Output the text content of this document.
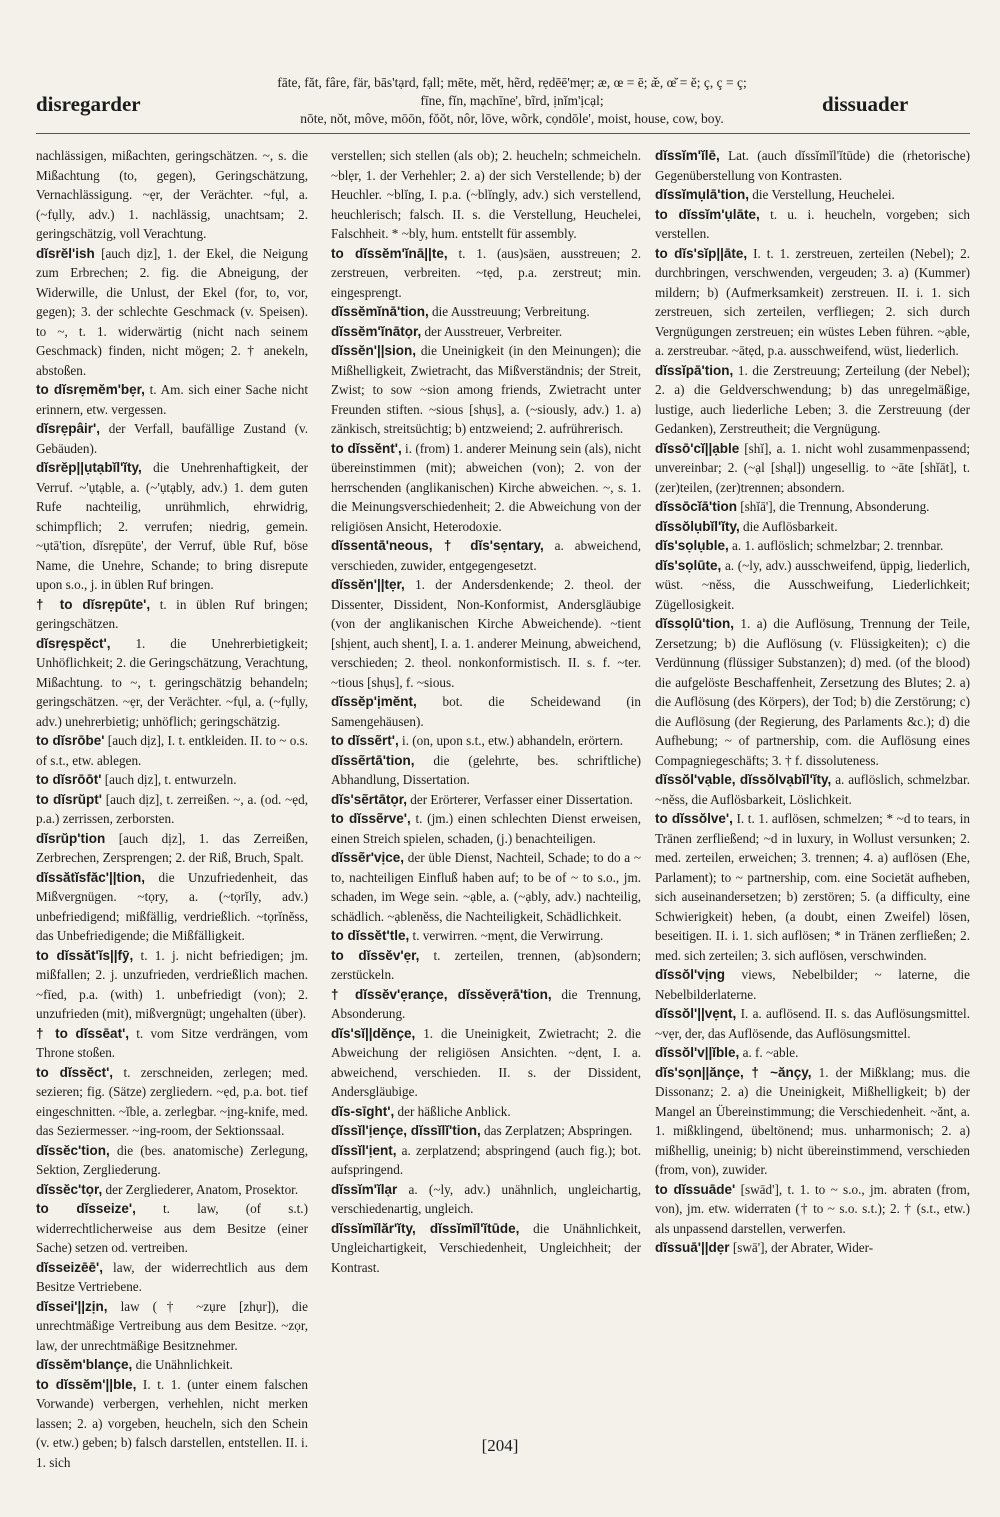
disregarder
fāte, făt, fâre, fär, bās'tạrd, fạll; mēte, mĕt, hẽrd, rẹdēē'mẹr; æ, œ = ē; æ̆, œ̆ = ĕ; ç, ç = ç;
fīne, fĭn, mạchīne', bĩrd, ịnĭm'ịcạl;
nōte, nŏt, môve, mōōn, fŏŏt, nôr, lōve, wõrk, cọndōle', moist, house, cow, boy.
dissuader

nachlässigen, mißachten, geringschätzen. ~, s. die Mißachtung (to, gegen), Geringschätzung, Vernachlässigung. ~ẹr, der Verächter. ~fụl, a. (~fụlly, adv.) 1. nachlässig, unachtsam; 2. geringschätzig, voll Verachtung.

dĭsrĕl'ish [auch dịz], 1. der Ekel, die Neigung zum Erbrechen; 2. fig. die Abneigung, der Widerwille, die Unlust, der Ekel (for, to, vor, gegen); 3. der schlechte Geschmack (v. Speisen). to ~, t. 1. widerwärtig (nicht nach seinem Geschmack) finden, nicht mögen; 2. † anekeln, abstoßen.

to dĭsrẹmĕm'bẹr, t. Am. sich einer Sache nicht erinnern, etw. vergessen.

dĭsrẹpâir', der Verfall, baufällige Zustand (v. Gebäuden).

dĭsrĕp||ụtạbĭl'ĭty, die Unehrenhaftigkeit, der Verruf. ~'ụtạble, a. (~'ụtạbly, adv.) 1. dem guten Rufe nachteilig, unrühmlich, ehrwidrig, schimpflich; 2. verrufen; niedrig, gemein. ~ụtā'tion, dĭsrẹpūte', der Verruf, üble Ruf, böse Name, die Unehre, Schande; to bring disrepute upon s.o., j. in üblen Ruf bringen.

† to dĭsrẹpūte', t. in üblen Ruf bringen; geringschätzen.

dĭsrẹspĕct', 1. die Unehrerbietigkeit; Unhöflichkeit; 2. die Geringschätzung, Verachtung, Mißachtung. to ~, t. geringschätzig behandeln; geringschätzen. ~ẹr, der Verächter. ~fụl, a. (~fụlly, adv.) unehrerbietig; unhöflich; geringschätzig.

to dĭsrōbe' [auch dịz], I. t. entkleiden. II. to ~ o.s. of s.t., etw. ablegen.

to dĭsrōōt' [auch dịz], t. entwurzeln.

to dĭsrŭpt' [auch dịz], t. zerreißen. ~, a. (od. ~ẹd, p.a.) zerrissen, zerborsten.

dĭsrŭp'tion [auch dịz], 1. das Zerreißen, Zerbrechen, Zersprengen; 2. der Riß, Bruch, Spalt.

dĭssătĭsfăc'||tion, die Unzufriedenheit, das Mißvergnügen. ~tọry, a. (~tọrĭly, adv.) unbefriedigend; mißfällig, verdrießlich. ~tọrĭnĕss, das Unbefriedigende; die Mißfälligkeit.

to dĭssăt'ĭs||fȳ, t. 1. j. nicht befriedigen; jm. mißfallen; 2. j. unzufrieden, verdrießlich machen. ~fīed, p.a. (with) 1. unbefriedigt (von); 2. unzufrieden (mit), mißvergnügt; ungehalten (über).

† to dĭssēat', t. vom Sitze verdrängen, vom Throne stoßen.

to dĭssĕct', t. zerschneiden, zerlegen; med. sezieren; fig. (Sätze) zergliedern. ~ẹd, p.a. bot. tief eingeschnitten. ~ĭble, a. zerlegbar. ~ịng-knife, med. das Seziermesser. ~ing-room, der Sektionssaal.

dĭssĕc'tion, die (bes. anatomische) Zerlegung, Sektion, Zergliederung.

dĭssĕc'tọr, der Zergliederer, Anatom, Prosektor.

to dĭsseize', t. law, (of s.t.) widerrechtlicherweise aus dem Besitze (einer Sache) setzen od. vertreiben.

dĭsseizēē', law, der widerrechtlich aus dem Besitze Vertriebene.

dĭssei'||zịn, law († ~zụre [zhụr]), die unrechtmäßige Vertreibung aus dem Besitze. ~zọr, law, der unrechtmäßige Besitznehmer.

dĭssĕm'blançe, die Unähnlichkeit.

to dĭssĕm'||ble, I. t. 1. (unter einem falschen Vorwande) verbergen, verhehlen, nicht merken lassen; 2. a) vorgeben, heucheln, sich den Schein (v. etw.) geben; b) falsch darstellen, entstellen. II. i. 1. sich

verstellen; sich stellen (als ob); 2. heucheln; schmeicheln. ~blẹr, 1. der Verhehler; 2. a) der sich Verstellende; b) der Heuchler. ~blĭng, I. p.a. (~blĭngly, adv.) sich verstellend, heuchlerisch; falsch. II. s. die Verstellung, Heuchelei, Falschheit. * ~bly, hum. entstellt für assembly.

to dĭssĕm'ĭnā||te, t. 1. (aus)säen, ausstreuen; 2. zerstreuen, verbreiten. ~tẹd, p.a. zerstreut; min. eingesprengt.

dĭssĕmĭnā'tion, die Ausstreuung; Verbreitung.

dĭssĕm'ĭnātọr, der Ausstreuer, Verbreiter.

dĭssĕn'||sion, die Uneinigkeit (in den Meinungen); die Mißhelligkeit, Zwietracht, das Mißverständnis; der Streit, Zwist; to sow ~sion among friends, Zwietracht unter Freunden stiften. ~sious [shụs], a. (~siously, adv.) 1. a) zänkisch, streitsüchtig; b) entzweiend; 2. aufrührerisch.

to dĭssĕnt', i. (from) 1. anderer Meinung sein (als), nicht übereinstimmen (mit); abweichen (von); 2. von der herrschenden (anglikanischen) Kirche abweichen. ~, s. 1. die Meinungsverschiedenheit; 2. die Abweichung von der religiösen Ansicht, Heterodoxie.

dĭssentā'neous, † dĭs'sẹntary, a. abweichend, verschieden, zuwider, entgegengesetzt.

dĭssĕn'||tẹr, 1. der Andersdenkende; 2. theol. der Dissenter, Dissident, Non-Konformist, Andersgläubige (von der anglikanischen Kirche Abweichende). ~tient [shịent, auch shent], I. a. 1. anderer Meinung, abweichend, verschieden; 2. theol. nonkonformistisch. II. s. f. ~ter. ~tious [shụs], f. ~sious.

dĭssĕp'ịmĕnt, bot. die Scheidewand (in Samengehäusen).

to dĭssẽrt', i. (on, upon s.t., etw.) abhandeln, erörtern.

dĭssẽrtā'tion, die (gelehrte, bes. schriftliche) Abhandlung, Dissertation.

dĭs'sẽrtātọr, der Erörterer, Verfasser einer Dissertation.

to dĭssẽrve', t. (jm.) einen schlechten Dienst erweisen, einen Streich spielen, schaden, (j.) benachteiligen.

dĭssẽr'vịce, der üble Dienst, Nachteil, Schade; to do a ~ to, nachteiligen Einfluß haben auf; to be of ~ to s.o., jm. schaden, im Wege sein. ~ạble, a. (~ạbly, adv.) nachteilig, schädlich. ~ạblenĕss, die Nachteiligkeit, Schädlichkeit.

to dĭssĕt'tle, t. verwirren. ~mẹnt, die Verwirrung.

to dĭssĕv'ẹr, t. zerteilen, trennen, (ab)sondern; zerstückeln.

† dĭssĕv'ẹrançe, dĭssĕvẹrā'tion, die Trennung, Absonderung.

dĭs'sĭ||dĕnçe, 1. die Uneinigkeit, Zwietracht; 2. die Abweichung der religiösen Ansichten. ~dẹnt, I. a. abweichend, verschieden. II. s. der Dissident, Andersgläubige.

dĭs-sīght', der häßliche Anblick.

dĭssĭl'ịençe, dĭssĭlĭ'tion, das Zerplatzen; Abspringen.

dĭssĭl'ịent, a. zerplatzend; abspringend (auch fig.); bot. aufspringend.

dĭssĭm'ĭlạr a. (~ly, adv.) unähnlich, ungleichartig, verschiedenartig, ungleich.

dĭssĭmĭlăr'ĭty, dĭssĭmĭl'ĭtūde, die Unähnlichkeit, Ungleichartigkeit, Verschiedenheit, Ungleichheit; der Kontrast.

dĭssĭm'ĭlē, Lat. (auch dĭssĭmĭl'ĭtūde) die (rhetorische) Gegenüberstellung von Kontrasten.

dĭssĭmụlā'tion, die Verstellung, Heuchelei.

to dĭssĭm'ụlāte, t. u. i. heucheln, vorgeben; sich verstellen.

to dĭs'sĭp||āte, I. t. 1. zerstreuen, zerteilen (Nebel); 2. durchbringen, verschwenden, vergeuden; 3. a) (Kummer) mildern; b) (Aufmerksamkeit) zerstreuen. II. i. 1. sich zerstreuen, sich zerteilen, verfliegen; 2. sich durch Vergnügungen zerstreuen; ein wüstes Leben führen. ~ạble, a. zerstreubar. ~ātẹd, p.a. ausschweifend, wüst, liederlich.

dĭssĭpā'tion, 1. die Zerstreuung; Zerteilung (der Nebel); 2. a) die Geldverschwendung; b) das unregelmäßige, lustige, auch liederliche Leben; 3. die Zerstreuung (der Gedanken), Zerstreutheit; die Vergnügung.

dĭssō'cĭ||ạble [shĭ], a. 1. nicht wohl zusammenpassend; unvereinbar; 2. (~ạl [shạl]) ungesellig. to ~āte [shĭāt], t. (zer)teilen, (zer)trennen; absondern.

dĭssōcĭā'tion [shĭā'], die Trennung, Absonderung.

dĭssŏlụbĭl'ĭty, die Auflösbarkeit.

dĭs'sọlụble, a. 1. auflöslich; schmelzbar; 2. trennbar.

dĭs'sọlūte, a. (~ly, adv.) ausschweifend, üppig, liederlich, wüst. ~nĕss, die Ausschweifung, Liederlichkeit; Zügellosigkeit.

dĭssọlū'tion, 1. a) die Auflösung, Trennung der Teile, Zersetzung; b) die Auflösung (v. Flüssigkeiten); c) die Verdünnung (flüssiger Substanzen); d) med. (of the blood) die aufgelöste Beschaffenheit, Zersetzung des Blutes; 2. a) die Auflösung (des Körpers), der Tod; b) die Zerstörung; c) die Auflösung (der Regierung, des Parlaments &c.); d) die Aufhebung; ~ of partnership, com. die Auflösung eines Compagniegeschäfts; 3. † f. dissoluteness.

dĭssŏl'vạble, dĭssŏlvạbĭl'ĭty, a. auflöslich, schmelzbar. ~nĕss, die Auflösbarkeit, Löslichkeit.

to dĭssŏlve', I. t. 1. auflösen, schmelzen; * ~d to tears, in Tränen zerfließend; ~d in luxury, in Wollust versunken; 2. med. zerteilen, erweichen; 3. trennen; 4. a) auflösen (Ehe, Parlament); to ~ partnership, com. eine Societät aufheben, sich auseinandersetzen; b) zerstören; 5. (a difficulty, eine Schwierigkeit) heben, (a doubt, einen Zweifel) lösen, beseitigen. II. i. 1. sich auflösen; * in Tränen zerfließen; 2. med. sich zerteilen; 3. sich auflösen, verschwinden.

dĭssŏl'vịng views, Nebelbilder; ~ laterne, die Nebelbilderlaterne.

dĭssŏl'||vẹnt, I. a. auflösend. II. s. das Auflösungsmittel. ~vẹr, der, das Auflösende, das Auflösungsmittel.

dĭssŏl'v||ĭble, a. f. ~able.

dĭs'sọn||ănçe, † ~ănçy, 1. der Mißklang; mus. die Dissonanz; 2. a) die Uneinigkeit, Mißhelligkeit; b) der Mangel an Übereinstimmung; die Verschiedenheit. ~ănt, a. 1. mißklingend, übeltönend; mus. unharmonisch; 2. a) mißhellig, uneinig; b) nicht übereinstimmend, verschieden (from, von), zuwider.

to dĭssuāde' [swād'], t. 1. to ~ s.o., jm. abraten (from, von), jm. etw. widerraten († to ~ s.o. s.t.); 2. † (s.t., etw.) als unpassend darstellen, verwerfen.

dĭssuā'||dẹr [swā'], der Abrater, Wider-

[204]
